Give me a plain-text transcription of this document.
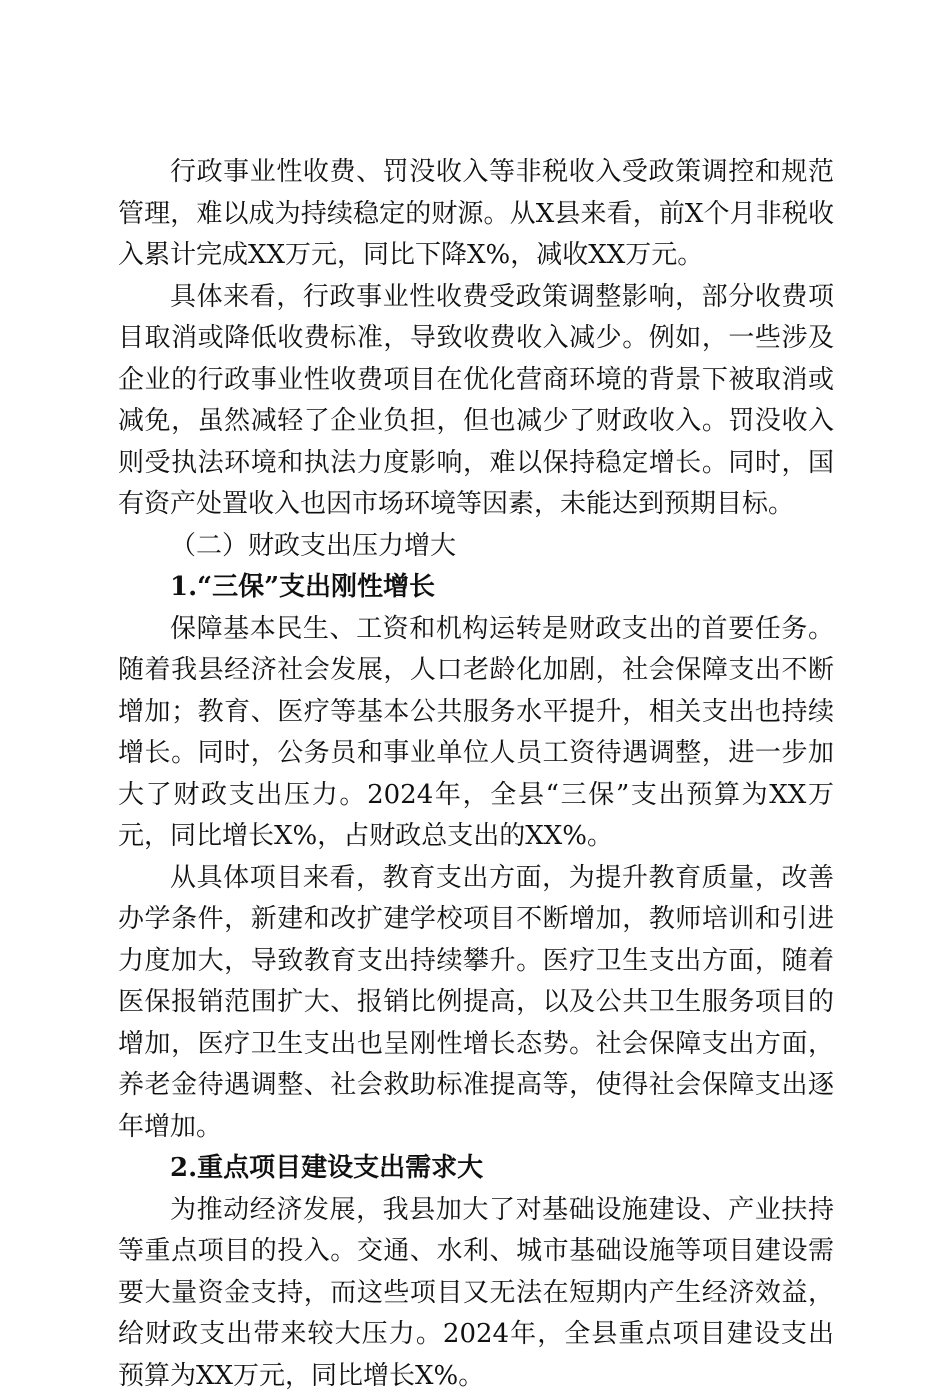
行政事业性收费、罚没收入等非税收入受政策调控和规范管理，难以成为持续稳定的财源。从X县来看，前X个月非税收入累计完成XX万元，同比下降X%，减收XX万元。

具体来看，行政事业性收费受政策调整影响，部分收费项目取消或降低收费标准，导致收费收入减少。例如，一些涉及企业的行政事业性收费项目在优化营商环境的背景下被取消或减免，虽然减轻了企业负担，但也减少了财政收入。罚没收入则受执法环境和执法力度影响，难以保持稳定增长。同时，国有资产处置收入也因市场环境等因素，未能达到预期目标。

（二）财政支出压力增大

1.“三保”支出刚性增长

保障基本民生、工资和机构运转是财政支出的首要任务。随着我县经济社会发展，人口老龄化加剧，社会保障支出不断增加；教育、医疗等基本公共服务水平提升，相关支出也持续增长。同时，公务员和事业单位人员工资待遇调整，进一步加大了财政支出压力。2024年，全县“三保”支出预算为XX万元，同比增长X%，占财政总支出的XX%。

从具体项目来看，教育支出方面，为提升教育质量，改善办学条件，新建和改扩建学校项目不断增加，教师培训和引进力度加大，导致教育支出持续攀升。医疗卫生支出方面，随着医保报销范围扩大、报销比例提高，以及公共卫生服务项目的增加，医疗卫生支出也呈刚性增长态势。社会保障支出方面，养老金待遇调整、社会救助标准提高等，使得社会保障支出逐年增加。

2.重点项目建设支出需求大

为推动经济发展，我县加大了对基础设施建设、产业扶持等重点项目的投入。交通、水利、城市基础设施等项目建设需要大量资金支持，而这些项目又无法在短期内产生经济效益，给财政支出带来较大压力。2024年，全县重点项目建设支出预算为XX万元，同比增长X%。
